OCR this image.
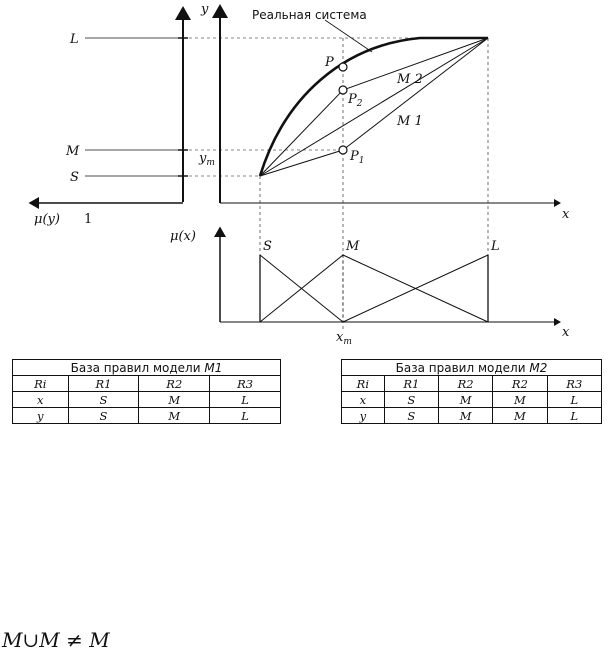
μ(y) 1
y
x
L
M
S
$y_m$
Реальная система
P
$P_2$
$P_1$
M 2
M 1
μ(x)
x
S	M	L
$x_m$
База правил модели M1			
Ri	R1	R2	R3
x	S	M	L
y	S	M	L
База правил модели M2				
Ri	R1	R2	R2	R3
x	S	M	M	L
y	S	M	M	L
M∪M ≠ M
